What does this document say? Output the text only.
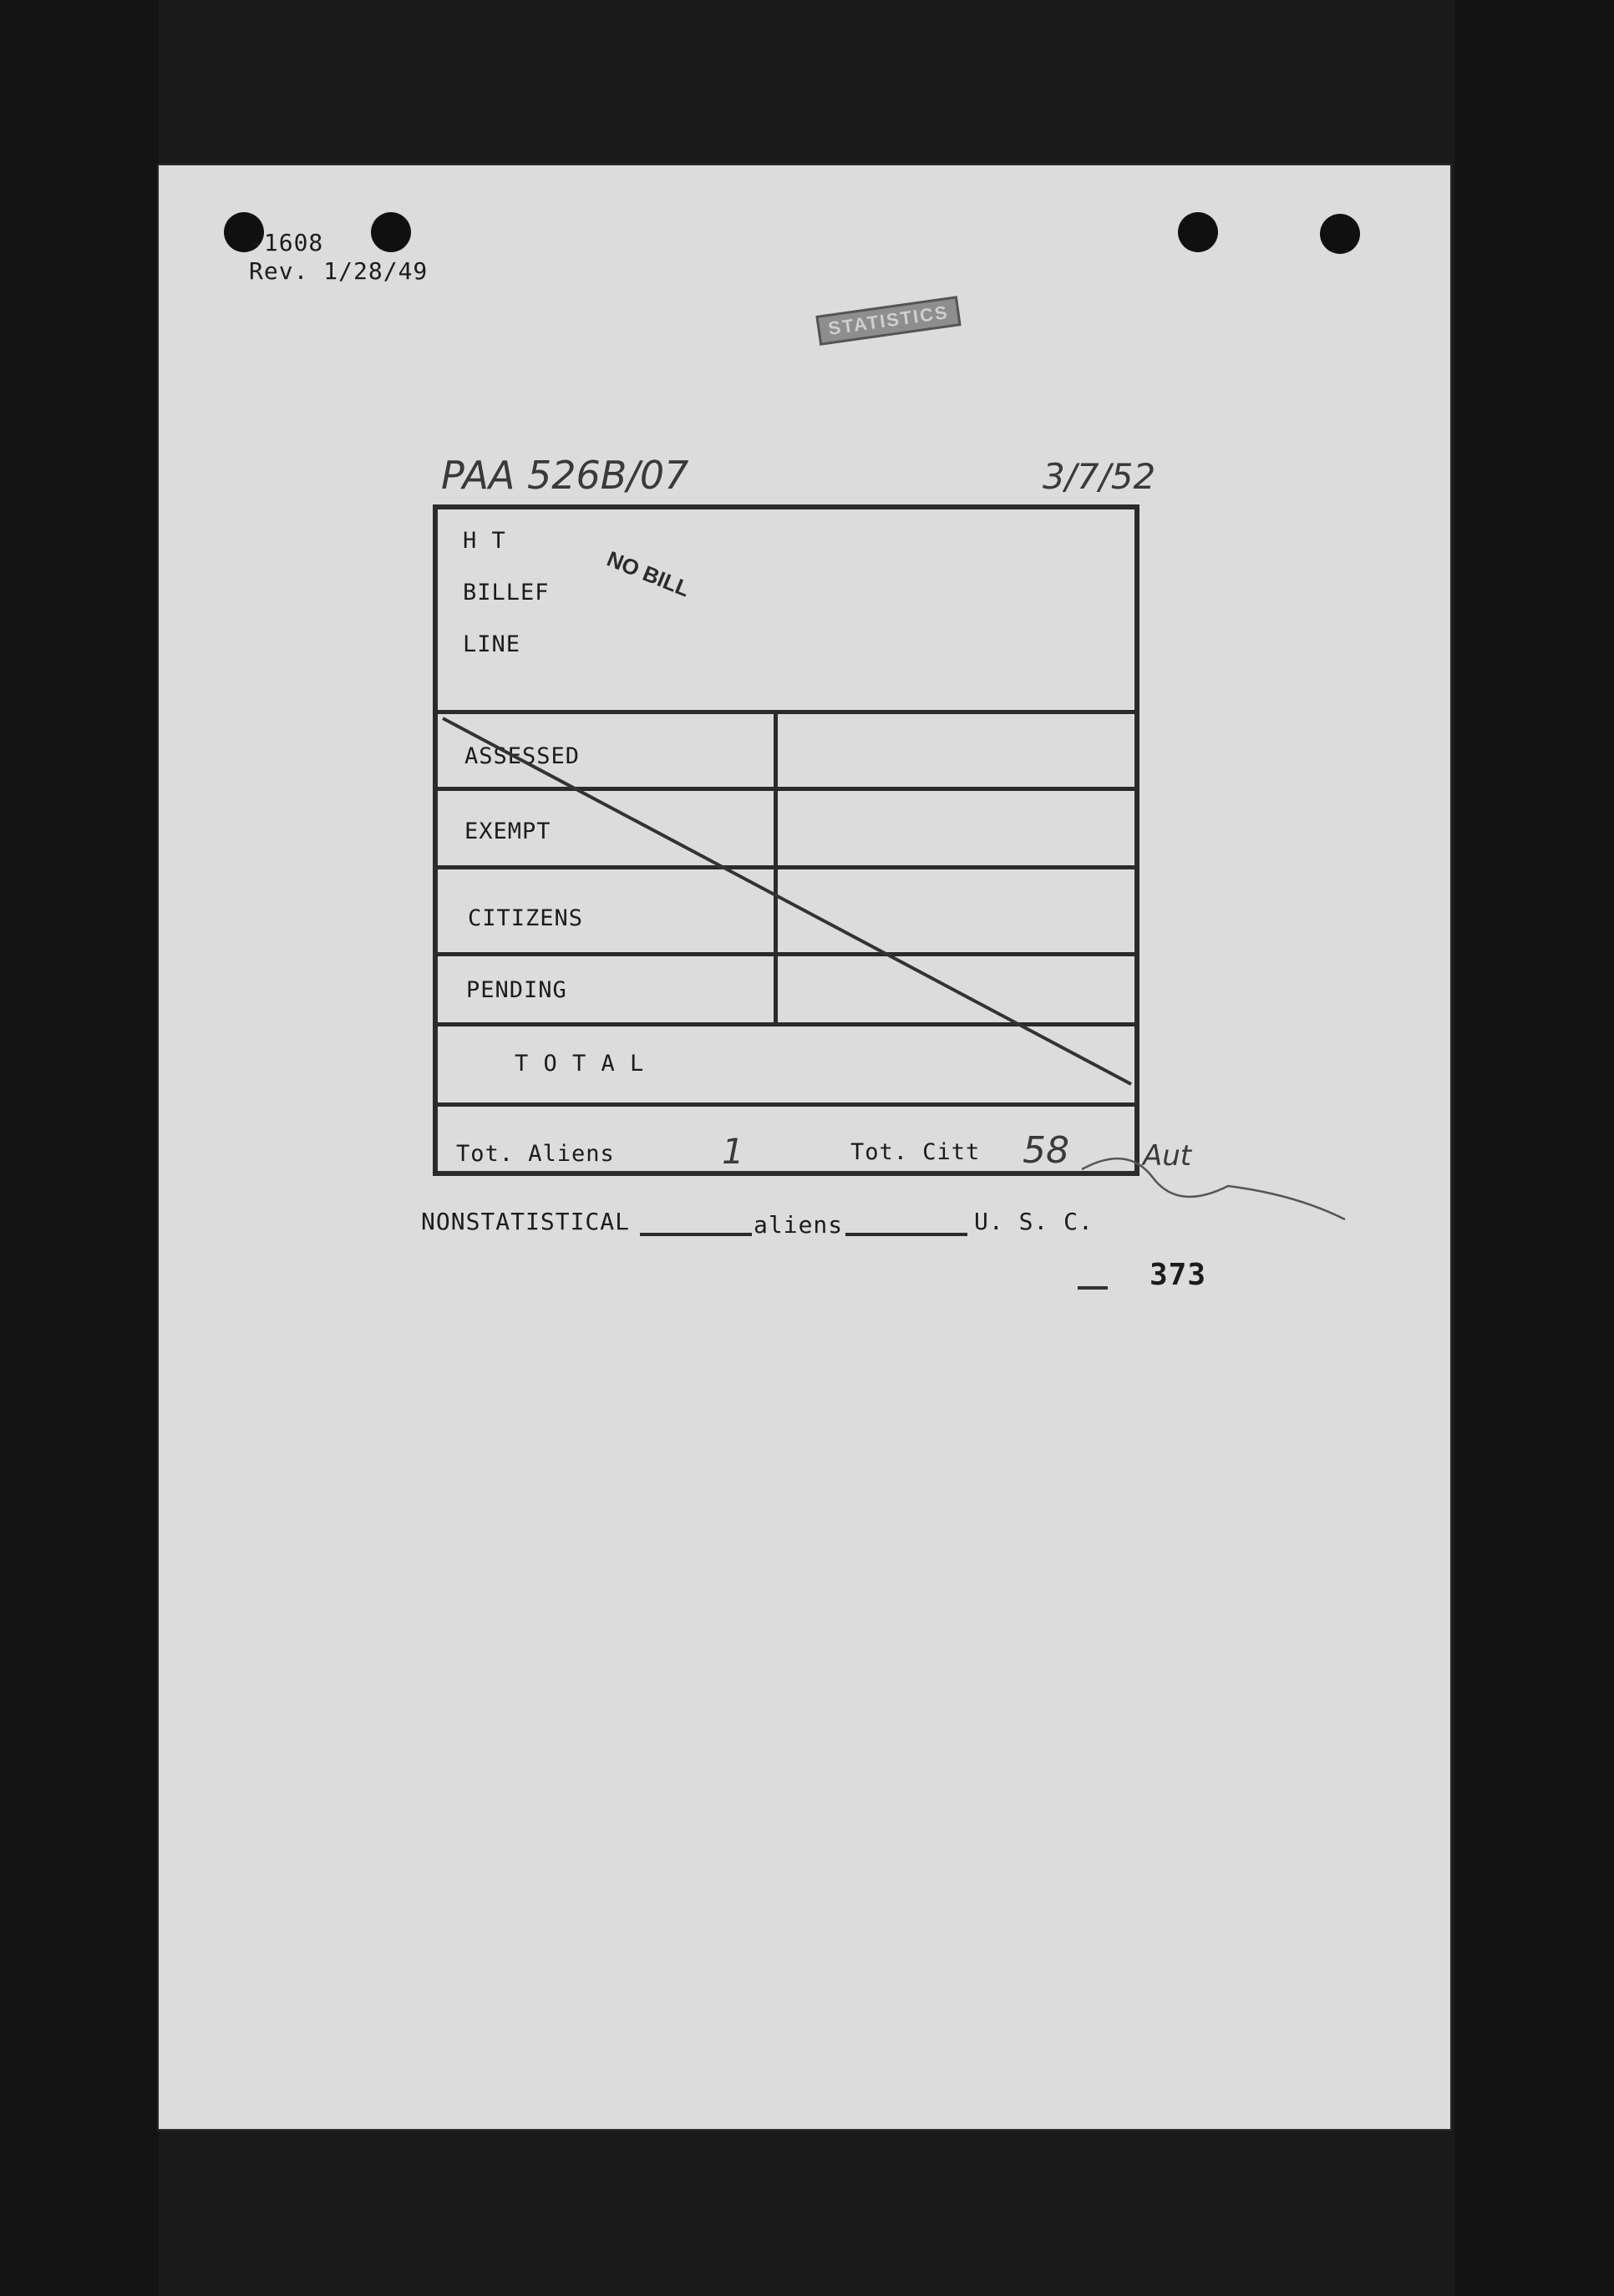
-1608
Rev. 1/28/49
STATISTICS
PAA 526B/07	3/7/52
H T
BILLEF
LINE
NO BILL
ASSESSED
EXEMPT
CITIZENS
PENDING
T O T A L
Tot. Aliens	1	Tot. Citt 58	Aut
NONSTATISTICAL	aliens	U. S. C.
373
